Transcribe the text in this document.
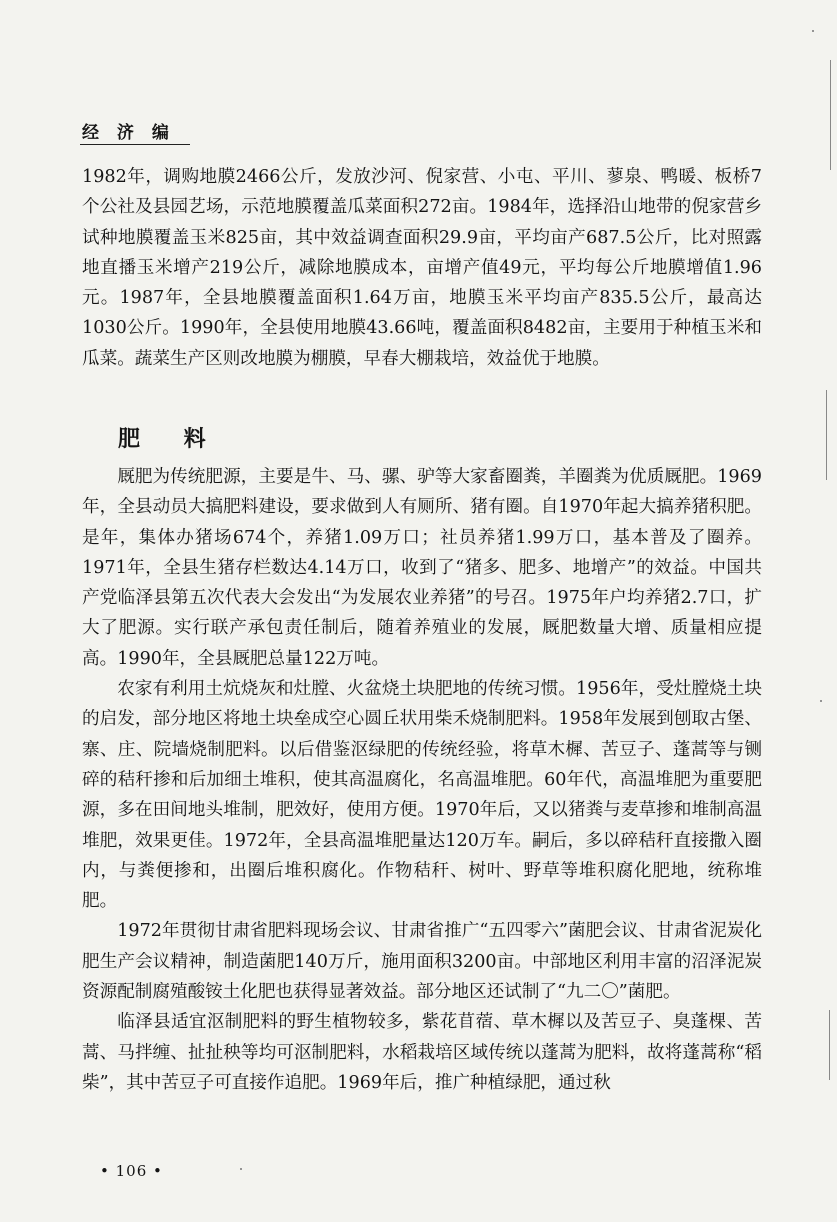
经 济 编

1982年，调购地膜2466公斤，发放沙河、倪家营、小屯、平川、蓼泉、鸭暖、板桥7个公社及县园艺场，示范地膜覆盖瓜菜面积272亩。1984年，选择沿山地带的倪家营乡试种地膜覆盖玉米825亩，其中效益调查面积29.9亩，平均亩产687.5公斤，比对照露地直播玉米增产219公斤，减除地膜成本，亩增产值49元，平均每公斤地膜增值1.96元。1987年，全县地膜覆盖面积1.64万亩，地膜玉米平均亩产835.5公斤，最高达1030公斤。1990年，全县使用地膜43.66吨，覆盖面积8482亩，主要用于种植玉米和瓜菜。蔬菜生产区则改地膜为棚膜，早春大棚栽培，效益优于地膜。

肥 料

厩肥为传统肥源，主要是牛、马、骡、驴等大家畜圈粪，羊圈粪为优质厩肥。1969年，全县动员大搞肥料建设，要求做到人有厕所、猪有圈。自1970年起大搞养猪积肥。是年，集体办猪场674个，养猪1.09万口；社员养猪1.99万口，基本普及了圈养。1971年，全县生猪存栏数达4.14万口，收到了“猪多、肥多、地增产”的效益。中国共产党临泽县第五次代表大会发出“为发展农业养猪”的号召。1975年户均养猪2.7口，扩大了肥源。实行联产承包责任制后，随着养殖业的发展，厩肥数量大增、质量相应提高。1990年，全县厩肥总量122万吨。

农家有利用土炕烧灰和灶膛、火盆烧土块肥地的传统习惯。1956年，受灶膛烧土块的启发，部分地区将地土块垒成空心圆丘状用柴禾烧制肥料。1958年发展到刨取古堡、寨、庄、院墙烧制肥料。以后借鉴沤绿肥的传统经验，将草木樨、苦豆子、蓬蒿等与铡碎的秸秆掺和后加细土堆积，使其高温腐化，名高温堆肥。60年代，高温堆肥为重要肥源，多在田间地头堆制，肥效好，使用方便。1970年后，又以猪粪与麦草掺和堆制高温堆肥，效果更佳。1972年，全县高温堆肥量达120万车。嗣后，多以碎秸秆直接撒入圈内，与粪便掺和，出圈后堆积腐化。作物秸秆、树叶、野草等堆积腐化肥地，统称堆肥。

1972年贯彻甘肃省肥料现场会议、甘肃省推广“五四零六”菌肥会议、甘肃省泥炭化肥生产会议精神，制造菌肥140万斤，施用面积3200亩。中部地区利用丰富的沼泽泥炭资源配制腐殖酸铵土化肥也获得显著效益。部分地区还试制了“九二〇”菌肥。

临泽县适宜沤制肥料的野生植物较多，紫花苜蓿、草木樨以及苦豆子、臭蓬棵、苦蒿、马拌缠、扯扯秧等均可沤制肥料，水稻栽培区域传统以蓬蒿为肥料，故将蓬蒿称“稻柴”，其中苦豆子可直接作追肥。1969年后，推广种植绿肥，通过秋

• 106 •
